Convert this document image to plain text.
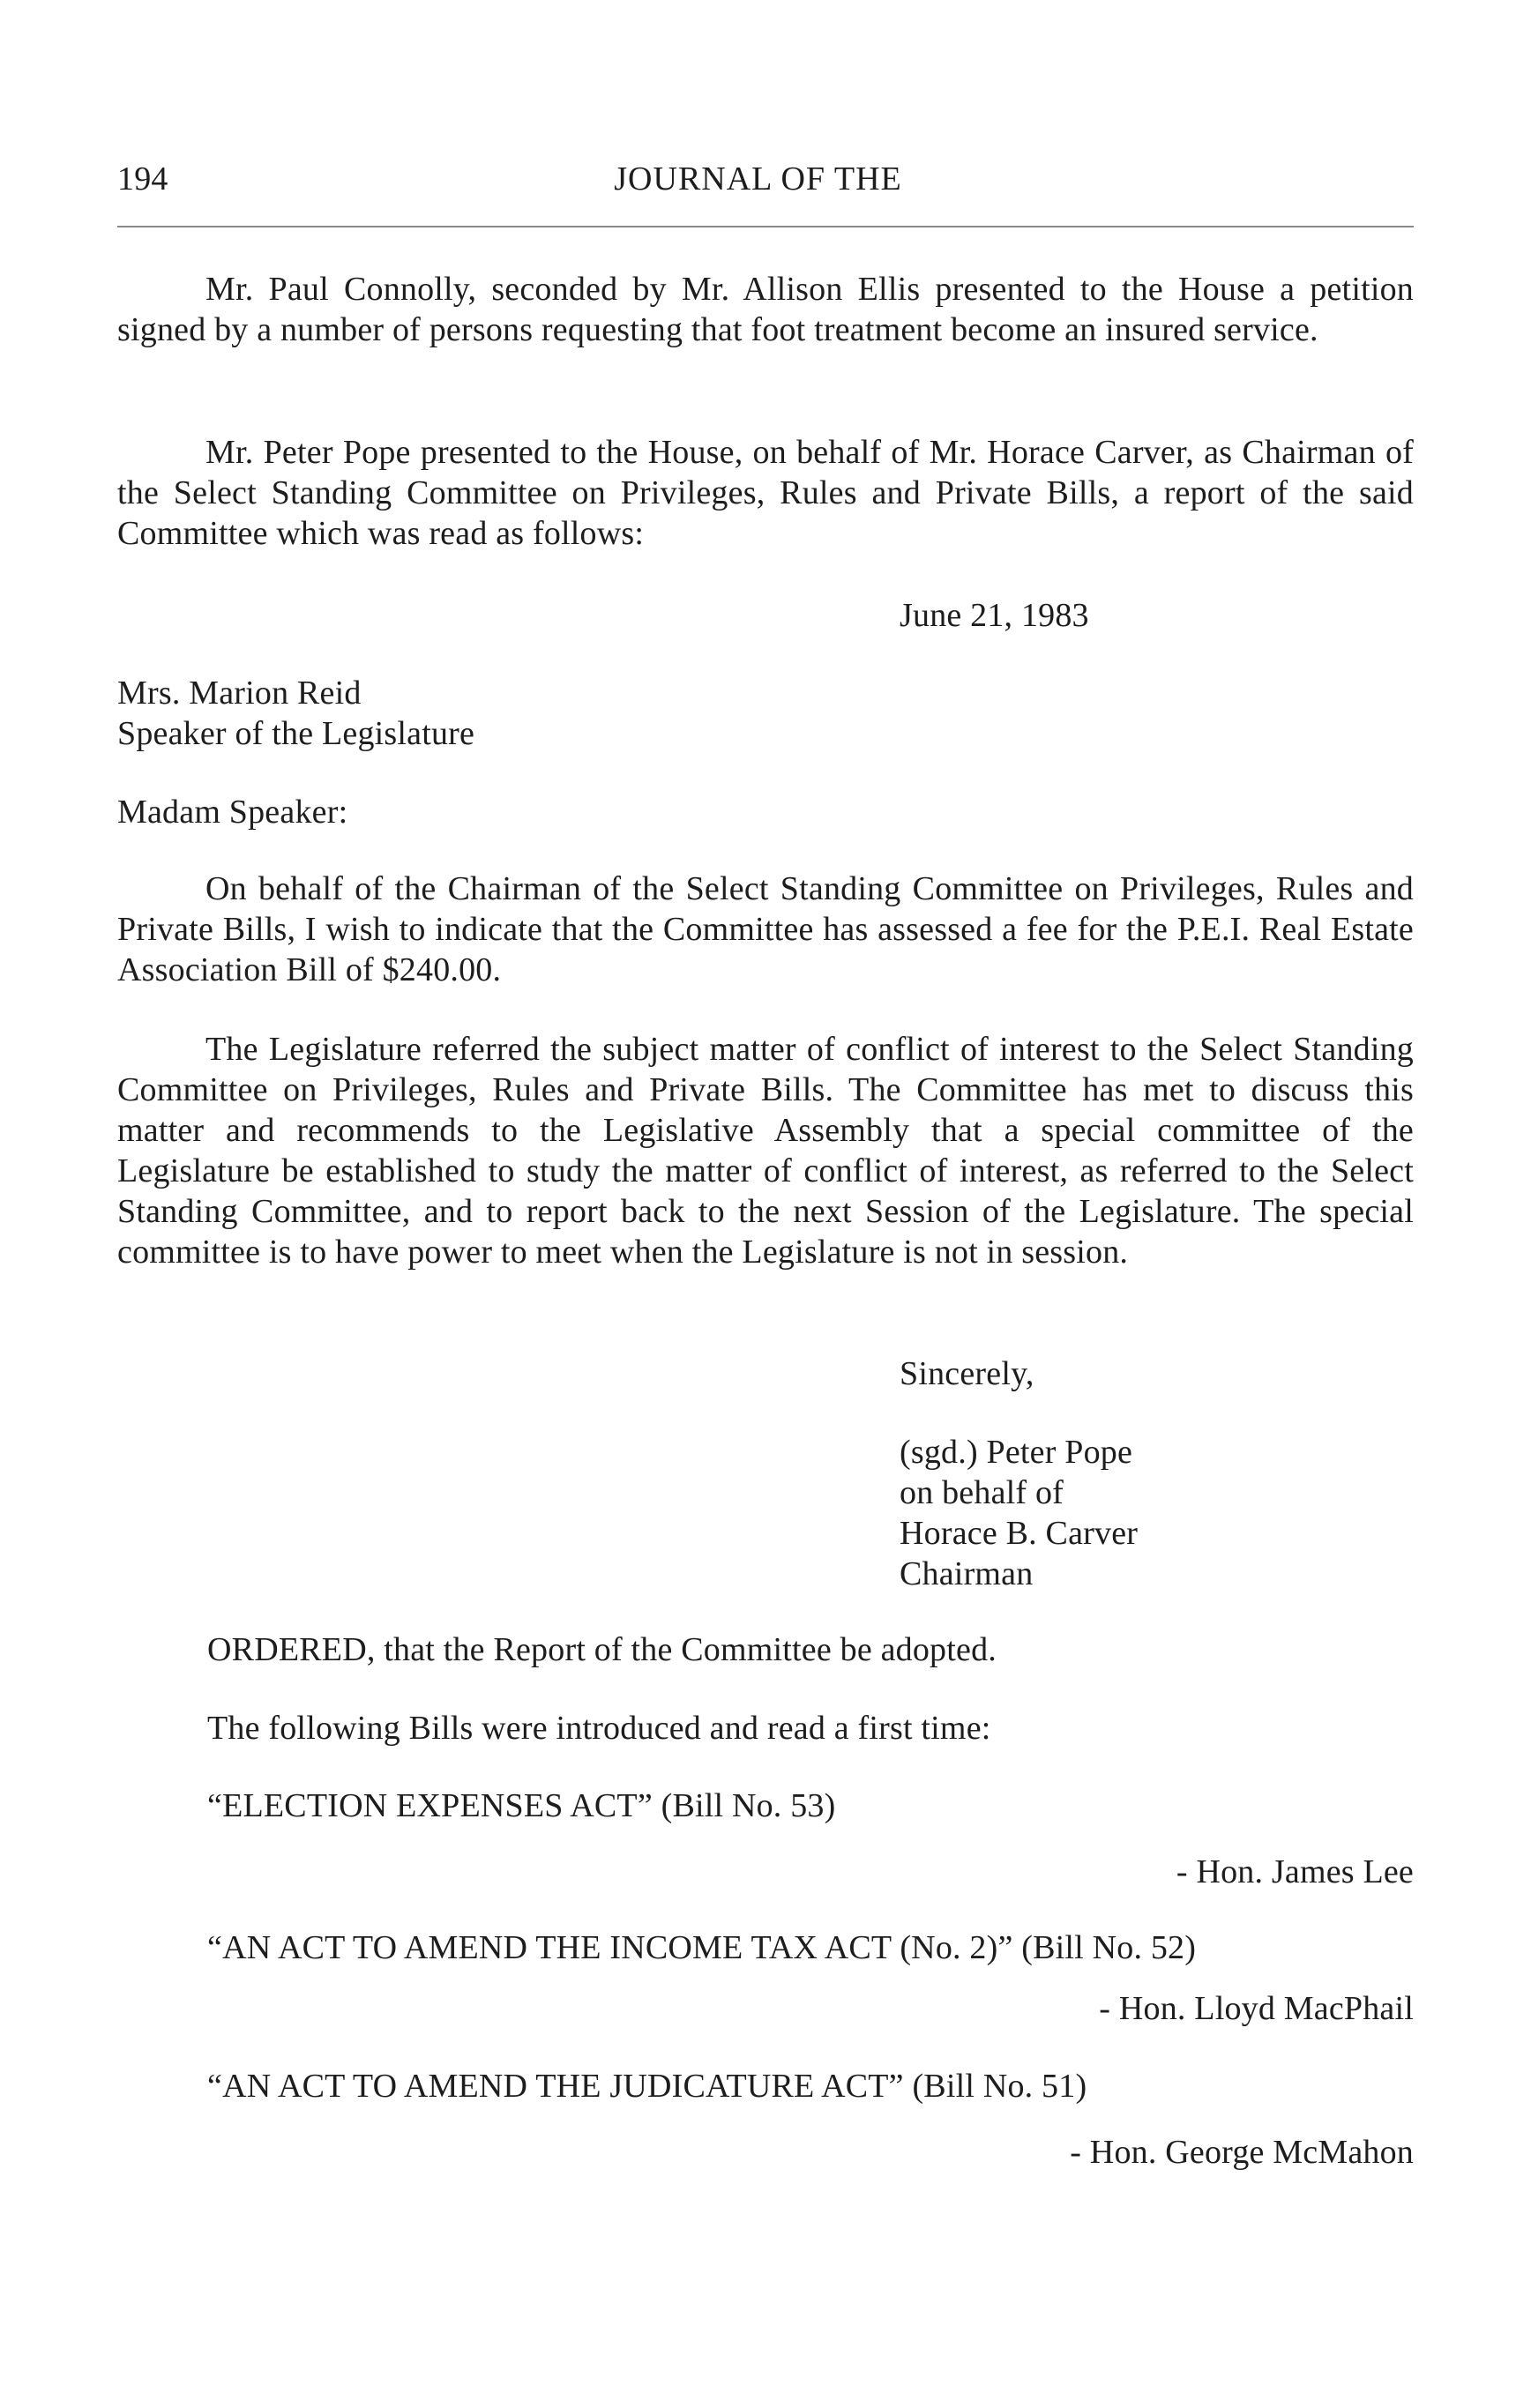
194	JOURNAL OF THE

Mr. Paul Connolly, seconded by Mr. Allison Ellis presented to the House a petition signed by a number of persons requesting that foot treatment become an insured service.

Mr. Peter Pope presented to the House, on behalf of Mr. Horace Carver, as Chairman of the Select Standing Committee on Privileges, Rules and Private Bills, a report of the said Committee which was read as follows:

June 21, 1983
Mrs. Marion Reid
Speaker of the Legislature
Madam Speaker:

On behalf of the Chairman of the Select Standing Committee on Privileges, Rules and Private Bills, I wish to indicate that the Committee has assessed a fee for the P.E.I. Real Estate Association Bill of $240.00.

The Legislature referred the subject matter of conflict of interest to the Select Standing Committee on Privileges, Rules and Private Bills. The Committee has met to discuss this matter and recommends to the Legislative Assembly that a special committee of the Legislature be established to study the matter of conflict of interest, as referred to the Select Standing Committee, and to report back to the next Session of the Legislature. The special committee is to have power to meet when the Legislature is not in session.

Sincerely,
(sgd.) Peter Pope
on behalf of
Horace B. Carver
Chairman
ORDERED, that the Report of the Committee be adopted.
The following Bills were introduced and read a first time:
“ELECTION EXPENSES ACT” (Bill No. 53)
- Hon. James Lee
“AN ACT TO AMEND THE INCOME TAX ACT (No. 2)” (Bill No. 52)
- Hon. Lloyd MacPhail
“AN ACT TO AMEND THE JUDICATURE ACT” (Bill No. 51)
- Hon. George McMahon
